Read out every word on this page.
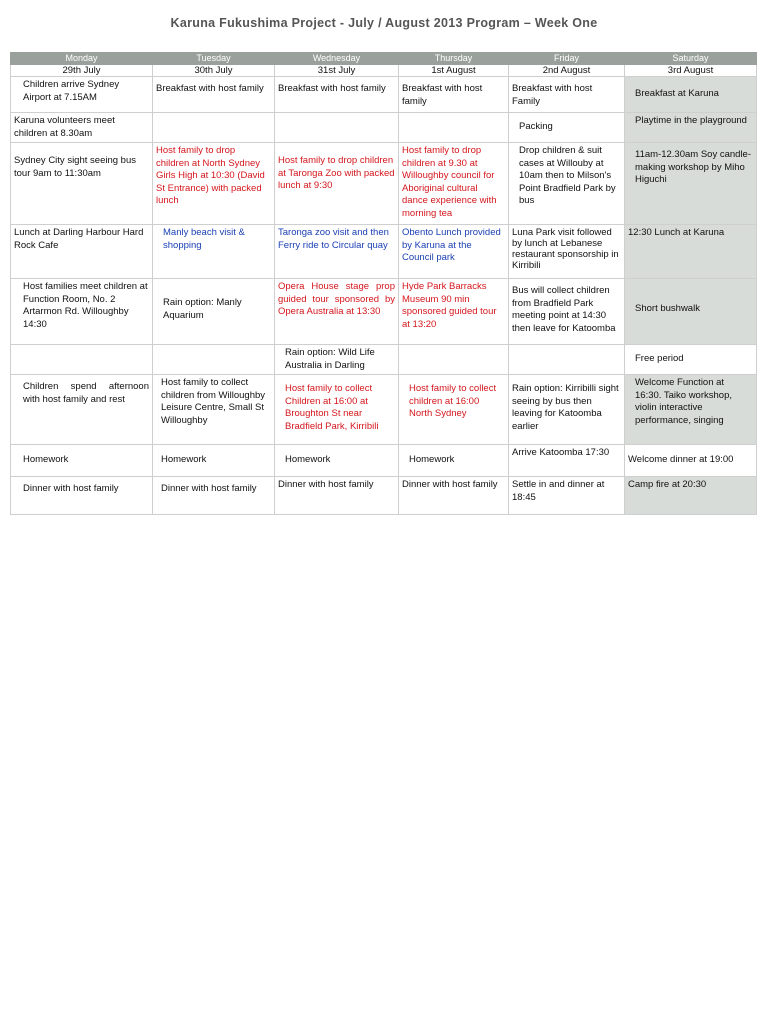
Karuna Fukushima Project - July / August 2013 Program – Week One
Monday	Tuesday	Wednesday	Thursday	Friday	Saturday
29th July	30th July	31st July	1st August	2nd August	3rd August
Children arrive Sydney Airport at 7.15AM	Breakfast with host family	Breakfast with host family	Breakfast with host family	Breakfast with host Family	Breakfast at Karuna
Karuna volunteers meet children at 8.30am				Packing	Playtime in the playground
Sydney City sight seeing bus tour 9am to 11:30am	Host family to drop children at North Sydney Girls High at 10:30 (David St Entrance) with packed lunch	Host family to drop children at Taronga Zoo with packed lunch at 9:30	Host family to drop children at 9.30 at Willoughby council for Aboriginal cultural dance experience with morning tea	Drop children & suit cases at Willouby at 10am then to Milson's Point Bradfield Park by bus	11am-12.30am Soy candle-making workshop by Miho Higuchi
Lunch at Darling Harbour Hard Rock Cafe	Manly beach visit & shopping	Taronga zoo visit and then Ferry ride to Circular quay	Obento Lunch provided by Karuna at the Council park	Luna Park visit followed by lunch at Lebanese restaurant sponsorship in Kirribili	12:30 Lunch at Karuna
Host families meet children at Function Room, No. 2 Artarmon Rd. Willoughby 14:30	Rain option: Manly Aquarium	Opera House stage prop guided tour sponsored by Opera Australia at 13:30	Hyde Park Barracks Museum 90 min sponsored guided tour at 13:20	Bus will collect children from Bradfield Park meeting point at 14:30 then leave for Katoomba	Short bushwalk
		Rain option: Wild Life Australia in Darling			Free period
Children spend afternoon with host family and rest	Host family to collect children from Willoughby Leisure Centre, Small St Willoughby	Host family to collect Children at 16:00 at Broughton St near Bradfield Park, Kirribili	Host family to collect children at 16:00 North Sydney	Rain option: Kirribilli sight seeing by bus then leaving for Katoomba earlier	Welcome Function at 16:30. Taiko workshop, violin interactive performance, singing
Homework	Homework	Homework	Homework	Arrive Katoomba 17:30	Welcome dinner at 19:00
Dinner with host family	Dinner with host family	Dinner with host family	Dinner with host family	Settle in and dinner at 18:45	Camp fire at 20:30
